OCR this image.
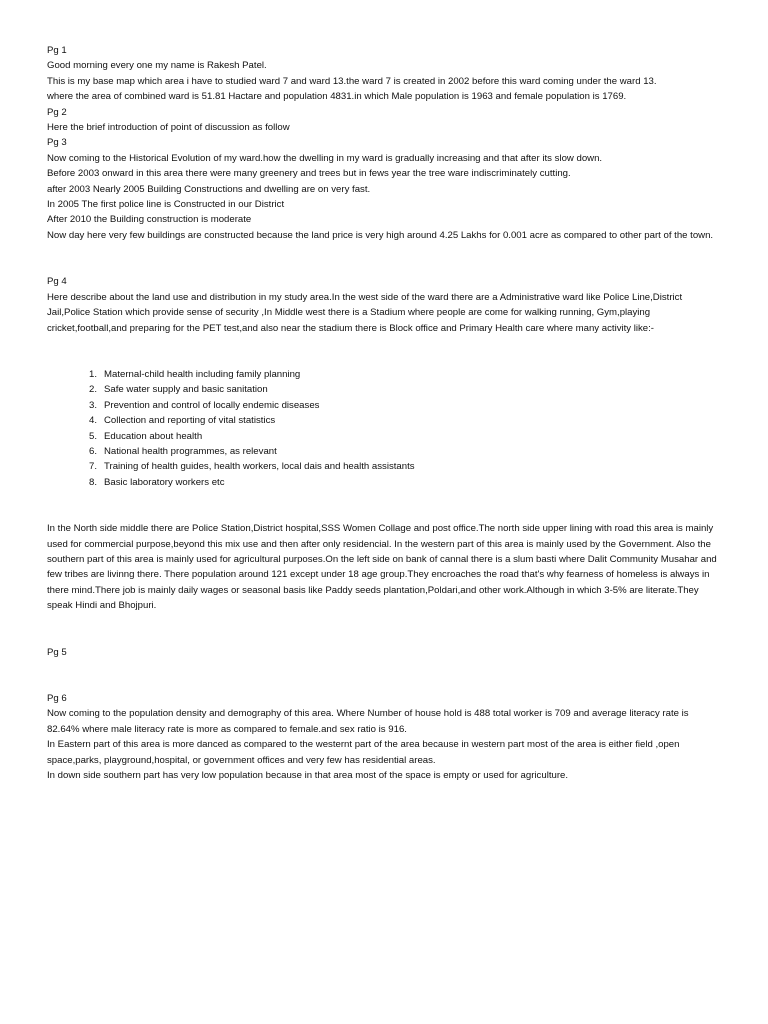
Pg 1

Good morning every one my name is Rakesh Patel.

This is my base map which area i have to studied ward 7 and ward 13.the ward 7 is created in 2002 before this ward coming under the ward 13.

where the area of combined ward is 51.81 Hactare and population 4831.in which Male population is 1963 and female population is 1769.

Pg 2

Here the brief introduction of point of discussion as follow

Pg 3

Now coming to the Historical Evolution of my ward.how the dwelling in my ward is gradually increasing and that after its slow down.

Before 2003 onward in this area there were many greenery and trees but in fews year the tree ware indiscriminately cutting.

after 2003 Nearly 2005 Building Constructions and dwelling are on very fast.

In 2005 The first police line is Constructed in our District

After 2010 the Building construction is moderate

Now day here very few buildings are constructed because the land price is very high around 4.25 Lakhs for 0.001 acre as compared to other part of the town.

Pg 4

Here describe about the land use and distribution in my study area.In the west side of the ward there are a Administrative ward like Police Line,District Jail,Police Station which provide sense of security ,In Middle west there is a Stadium where people are come for walking running, Gym,playing cricket,football,and preparing for the PET test,and also near the stadium there is Block office and Primary Health care where many activity like:-

1. Maternal-child health including family planning
2. Safe water supply and basic sanitation
3. Prevention and control of locally endemic diseases
4. Collection and reporting of vital statistics
5. Education about health
6. National health programmes, as relevant
7. Training of health guides, health workers, local dais and health assistants
8. Basic laboratory workers etc

In the North side middle there are Police Station,District hospital,SSS Women Collage and post office.The north side upper lining with road this area is mainly used for commercial purpose,beyond this mix use and then after only residencial. In the western part of this area is mainly used by the Government. Also the southern part of this area is mainly used for agricultural purposes.On the left side on bank of cannal there is a slum basti where Dalit Community Musahar and few tribes are livinng there. There population around 121 except under 18 age group.They encroaches the road that's why fearness of homeless is always in there mind.There job is mainly daily wages or seasonal basis like Paddy seeds plantation,Poldari,and other work.Although in which 3-5% are literate.They speak Hindi and Bhojpuri.

Pg 5

Pg 6

Now coming to the population density and demography of this area. Where Number of house hold is 488 total worker is 709 and average literacy rate is 82.64% where male literacy rate is more as compared to female.and sex ratio is 916.

In Eastern part of this area is more danced as compared to the westernt part of the area because in western part most of the area is either field ,open space,parks, playground,hospital, or government offices and very few has residential areas.

In down side southern part has very low population because in that area most of the space is empty or used for agriculture.
